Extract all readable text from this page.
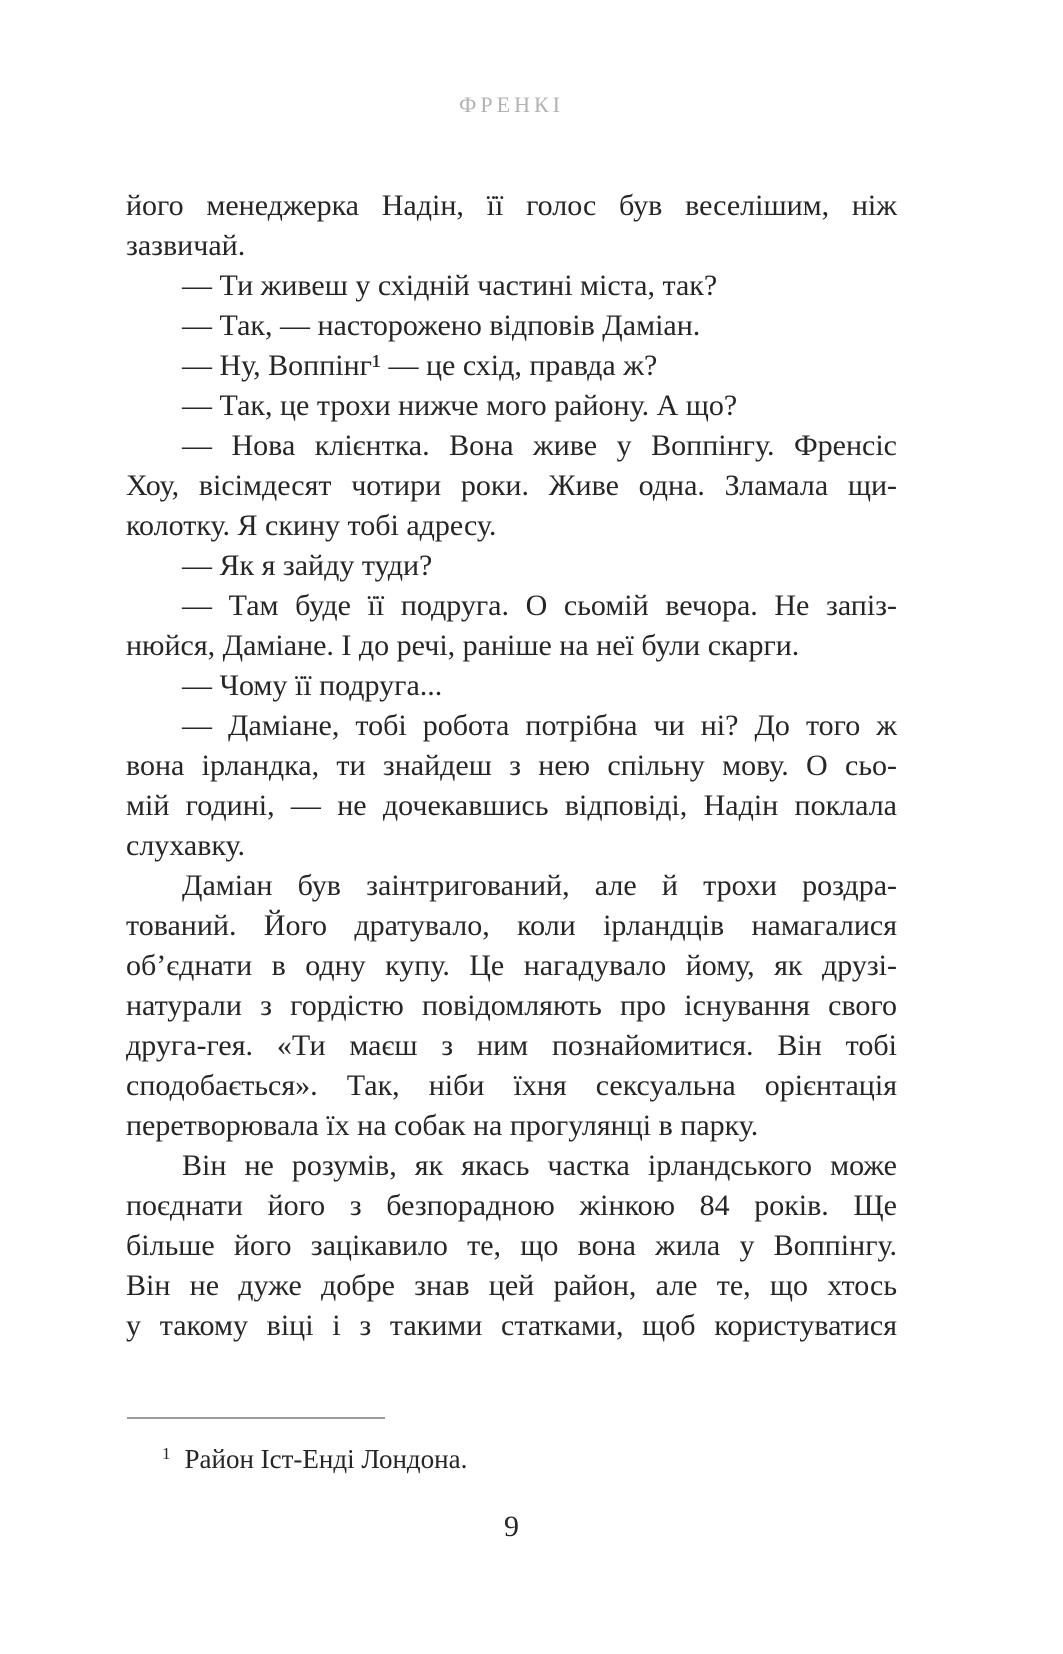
ФРЕНКІ
його менеджерка Надін, її голос був веселішим, ніж
зазвичай.
— Ти живеш у східній частині міста, так?
— Так, — насторожено відповів Даміан.
— Ну, Воппінг¹ — це схід, правда ж?
— Так, це трохи нижче мого району. А що?
— Нова клієнтка. Вона живе у Воппінгу. Френсіс
Хоу, вісімдесят чотири роки. Живе одна. Зламала щи-
колотку. Я скину тобі адресу.
— Як я зайду туди?
— Там буде її подруга. О сьомій вечора. Не запіз-
нюйся, Даміане. І до речі, раніше на неї були скарги.
— Чому її подруга...
— Даміане, тобі робота потрібна чи ні? До того ж
вона ірландка, ти знайдеш з нею спільну мову. О сьо-
мій годині, — не дочекавшись відповіді, Надін поклала
слухавку.
Даміан був заінтригований, але й трохи роздра-
тований. Його дратувало, коли ірландців намагалися
об’єднати в одну купу. Це нагадувало йому, як друзі-
натурали з гордістю повідомляють про існування свого
друга-гея. «Ти маєш з ним познайомитися. Він тобі
сподобається». Так, ніби їхня сексуальна орієнтація
перетворювала їх на собак на прогулянці в парку.
Він не розумів, як якась частка ірландського може
поєднати його з безпорадною жінкою 84 років. Ще
більше його зацікавило те, що вона жила у Воппінгу.
Він не дуже добре знав цей район, але те, що хтось
у такому віці і з такими статками, щоб користуватися
$^1$ Район Іст-Енді Лондона.
9
